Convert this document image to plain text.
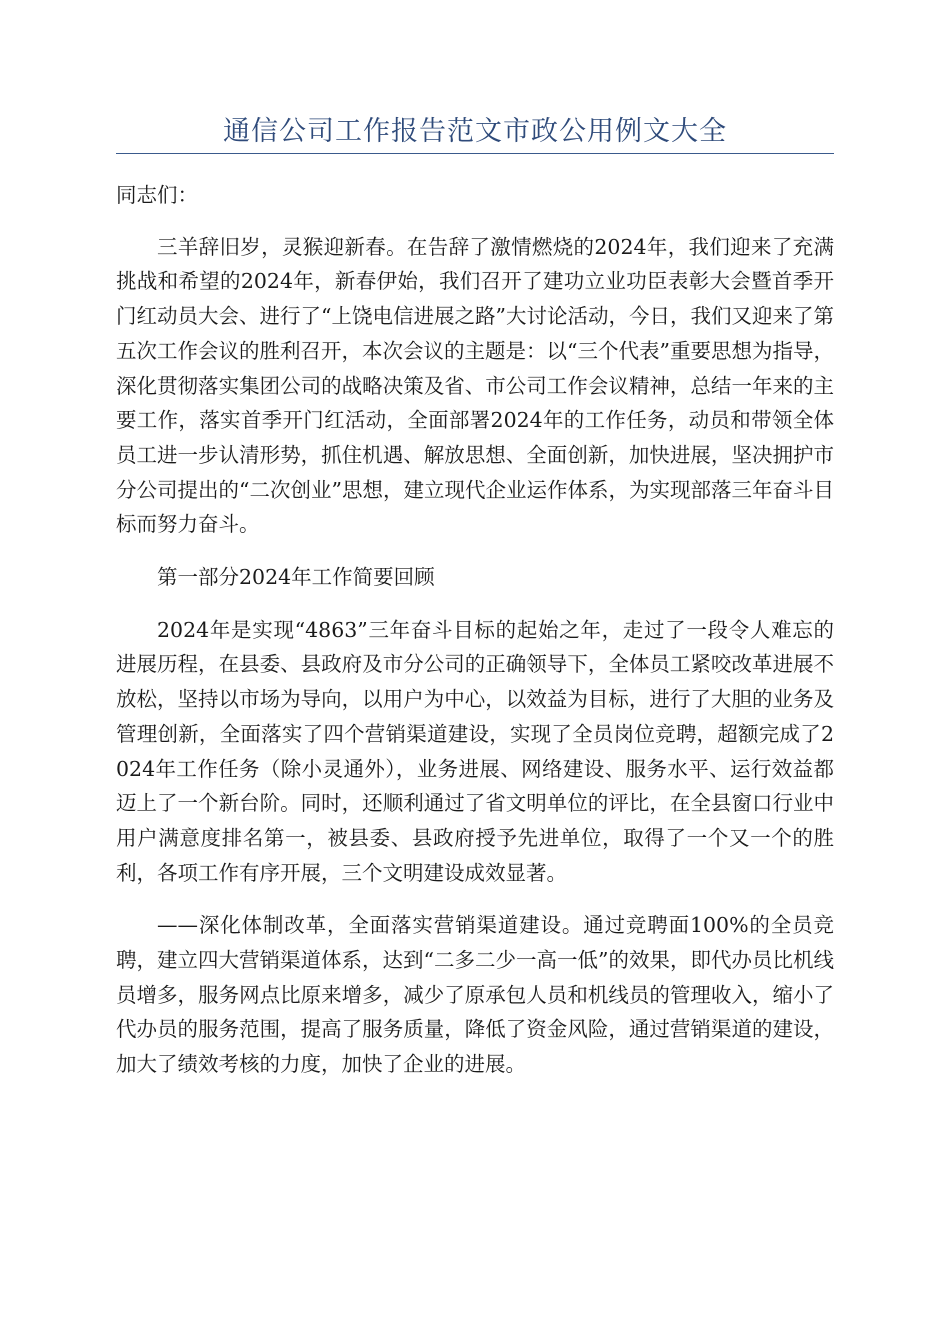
通信公司工作报告范文市政公用例文大全

同志们：

三羊辞旧岁，灵猴迎新春。在告辞了激情燃烧的2024年，我们迎来了充满挑战和希望的2024年，新春伊始，我们召开了建功立业功臣表彰大会暨首季开门红动员大会、进行了“上饶电信进展之路”大讨论活动，今日，我们又迎来了第五次工作会议的胜利召开，本次会议的主题是：以“三个代表”重要思想为指导，深化贯彻落实集团公司的战略决策及省、市公司工作会议精神，总结一年来的主要工作，落实首季开门红活动，全面部署2024年的工作任务，动员和带领全体员工进一步认清形势，抓住机遇、解放思想、全面创新，加快进展，坚决拥护市分公司提出的“二次创业”思想，建立现代企业运作体系，为实现部落三年奋斗目标而努力奋斗。

第一部分2024年工作简要回顾

2024年是实现“4863”三年奋斗目标的起始之年，走过了一段令人难忘的进展历程，在县委、县政府及市分公司的正确领导下，全体员工紧咬改革进展不放松，坚持以市场为导向，以用户为中心，以效益为目标，进行了大胆的业务及管理创新，全面落实了四个营销渠道建设，实现了全员岗位竞聘，超额完成了2024年工作任务（除小灵通外），业务进展、网络建设、服务水平、运行效益都迈上了一个新台阶。同时，还顺利通过了省文明单位的评比，在全县窗口行业中用户满意度排名第一，被县委、县政府授予先进单位，取得了一个又一个的胜利，各项工作有序开展，三个文明建设成效显著。

——深化体制改革，全面落实营销渠道建设。通过竞聘面100%的全员竞聘，建立四大营销渠道体系，达到“二多二少一高一低”的效果，即代办员比机线员增多，服务网点比原来增多，减少了原承包人员和机线员的管理收入，缩小了代办员的服务范围，提高了服务质量，降低了资金风险，通过营销渠道的建设，加大了绩效考核的力度，加快了企业的进展。
